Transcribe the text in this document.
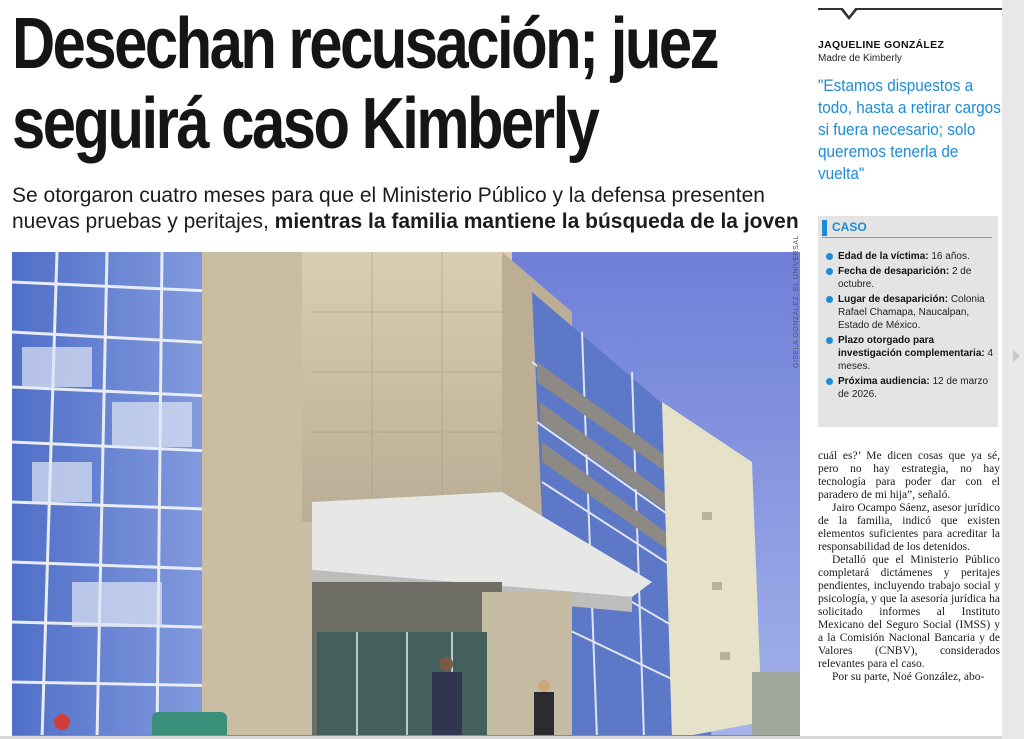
Desechan recusación; juez
seguirá caso Kimberly

Se otorgaron cuatro meses para que el Ministerio Público y la defensa presenten nuevas pruebas y peritajes, mientras la familia mantiene la búsqueda de la joven

GISELA GONZÁLEZ, EL UNIVERSAL
JAQUELINE GONZÁLEZ
Madre de Kimberly
"Estamos dispuestos a todo, hasta a retirar cargos si fuera necesario; solo queremos tenerla de vuelta"
CASO
Edad de la víctima: 16 años.
Fecha de desaparición: 2 de octubre.
Lugar de desaparición: Colonia Rafael Chamapa, Naucalpan, Estado de México.
Plazo otorgado para investigación complementaria: 4 meses.
Próxima audiencia: 12 de marzo de 2026.

cuál es?’ Me dicen cosas que ya sé, pero no hay estrategia, no hay tecnología para poder dar con el paradero de mi hija”, señaló.

Jairo Ocampo Sáenz, asesor jurídico de la familia, indicó que existen elementos suficientes para acreditar la responsabilidad de los detenidos.

Detalló que el Ministerio Público completará dictámenes y peritajes pendientes, incluyendo trabajo social y psicología, y que la asesoría jurídica ha solicitado informes al Instituto Mexicano del Seguro Social (IMSS) y a la Comisión Nacional Bancaria y de Valores (CNBV), considerados relevantes para el caso.

Por su parte, Noé González, abo-
